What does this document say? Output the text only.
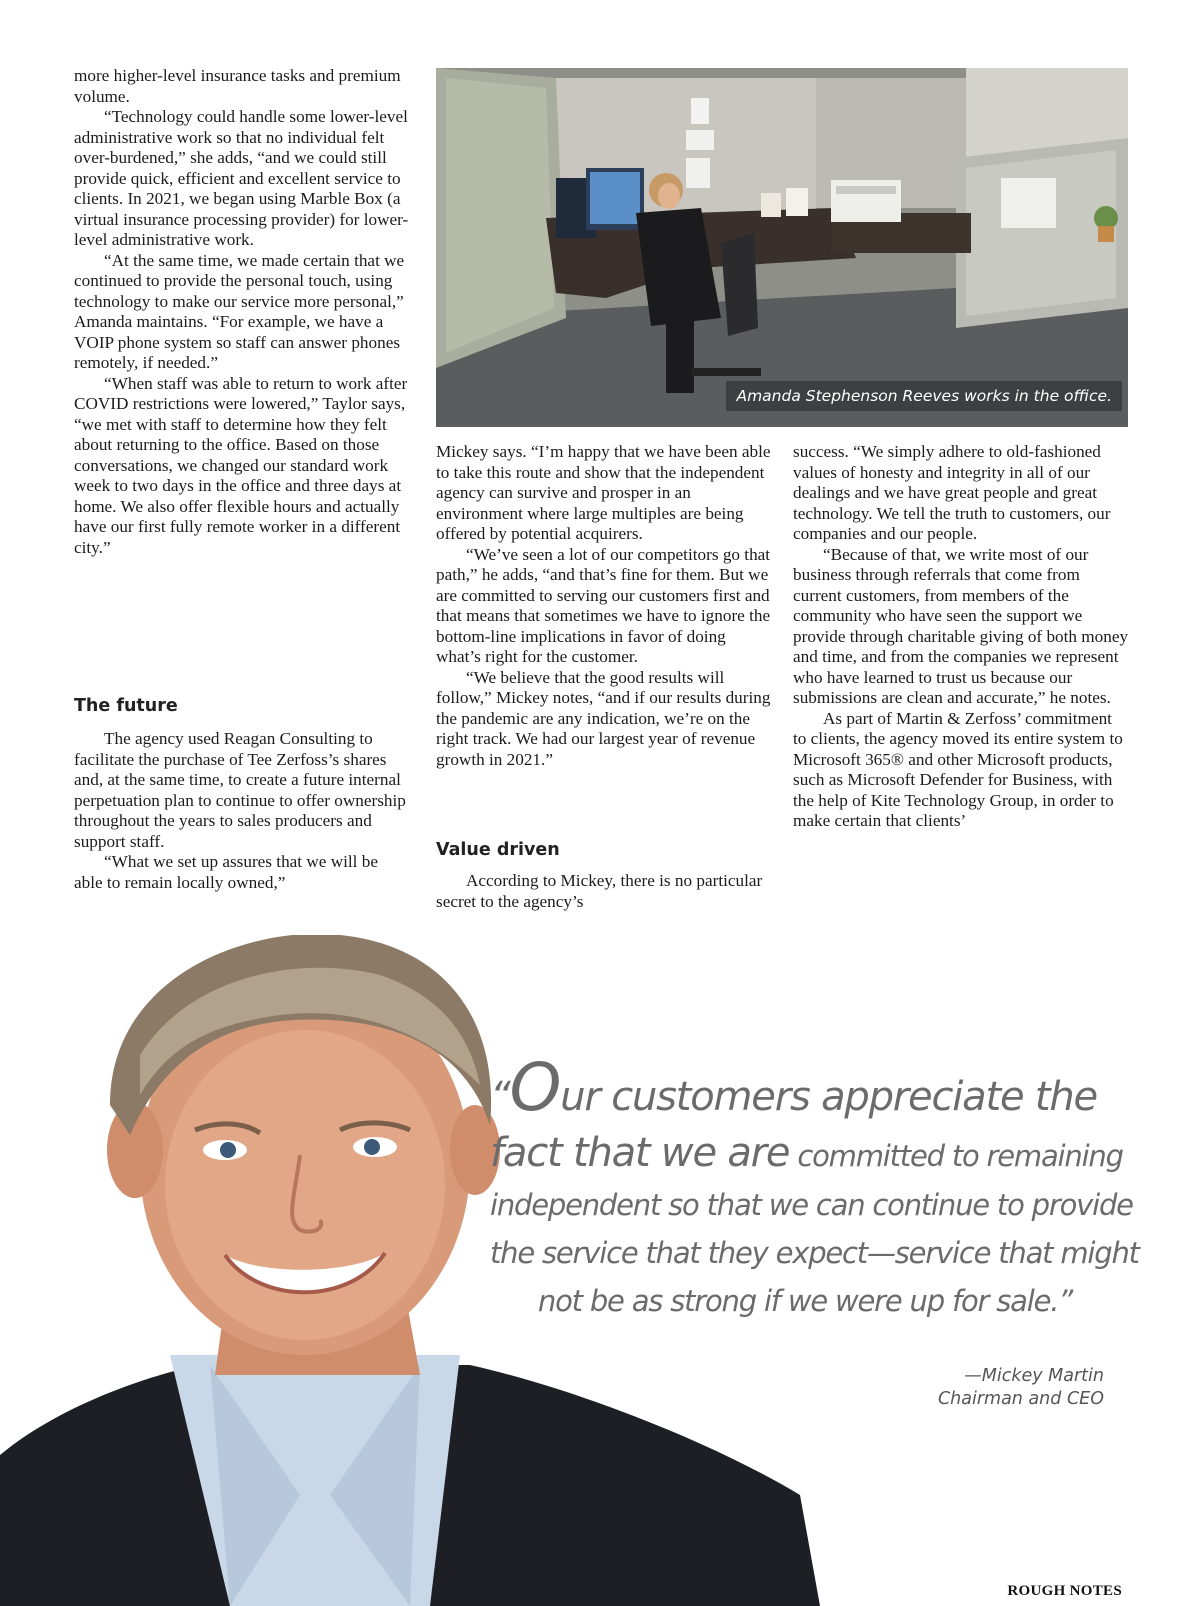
more higher-level insurance tasks and premium volume.

“Technology could handle some lower-level administrative work so that no individual felt over-burdened,” she adds, “and we could still provide quick, efficient and excellent service to clients. In 2021, we began using Marble Box (a virtual insurance processing provider) for lower-level administrative work.

“At the same time, we made certain that we continued to provide the personal touch, using technology to make our service more personal,” Amanda maintains. “For example, we have a VOIP phone system so staff can answer phones remotely, if needed.”

“When staff was able to return to work after COVID restrictions were lowered,” Taylor says, “we met with staff to determine how they felt about returning to the office. Based on those conversations, we changed our standard work week to two days in the office and three days at home. We also offer flexible hours and actually have our first fully remote worker in a different city.”

The future

The agency used Reagan Consulting to facilitate the purchase of Tee Zerfoss’s shares and, at the same time, to create a future internal perpetuation plan to continue to offer ownership throughout the years to sales producers and support staff.

“What we set up assures that we will be able to remain locally owned,”

Amanda Stephenson Reeves works in the office.

Mickey says. “I’m happy that we have been able to take this route and show that the independent agency can survive and prosper in an environment where large multiples are being offered by potential acquirers.

“We’ve seen a lot of our competitors go that path,” he adds, “and that’s fine for them. But we are committed to serving our customers first and that means that sometimes we have to ignore the bottom-line implications in favor of doing what’s right for the customer.

“We believe that the good results will follow,” Mickey notes, “and if our results during the pandemic are any indication, we’re on the right track. We had our largest year of revenue growth in 2021.”

Value driven

According to Mickey, there is no particular secret to the agency’s

success. “We simply adhere to old-fashioned values of honesty and integrity in all of our dealings and we have great people and great technology. We tell the truth to customers, our companies and our people.

“Because of that, we write most of our business through referrals that come from current customers, from members of the community who have seen the support we provide through charitable giving of both money and time, and from the companies we represent who have learned to trust us because our submissions are clean and accurate,” he notes.

As part of Martin & Zerfoss’ commitment to clients, the agency moved its entire system to Microsoft 365® and other Microsoft products, such as Microsoft Defender for Business, with the help of Kite Technology Group, in order to make certain that clients’

“Our customers appreciate the
fact that we are committed to remaining
independent so that we can continue to provide
the service that they expect—service that might
not be as strong if we were up for sale.”
—Mickey Martin
Chairman and CEO
ROUGH NOTES
